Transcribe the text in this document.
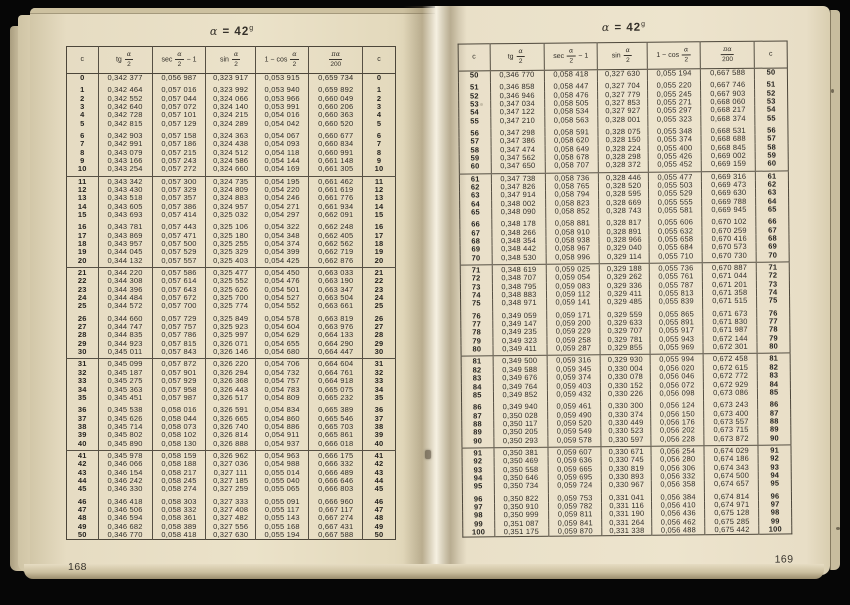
$\alpha = 42^g$
c	tg $\frac{\alpha}{2}$	$\sec \frac{\alpha}{2} - 1$	$\sin \frac{\alpha}{2}$	$1 - \cos \frac{\alpha}{2}$	$\frac{\pi\alpha}{200}$	c
0	0,342 377	0,056 987	0,323 917	0,053 915	0,659 734	0
1	0,342 464	0,057 016	0,323 992	0,053 940	0,659 892	1
2	0,342 552	0,057 044	0,324 066	0,053 966	0,660 049	2
3	0,342 640	0,057 072	0,324 140	0,053 991	0,660 206	3
4	0,342 728	0,057 101	0,324 215	0,054 016	0,660 363	4
5	0,342 815	0,057 129	0,324 289	0,054 042	0,660 520	5
6	0,342 903	0,057 158	0,324 363	0,054 067	0,660 677	6
7	0,342 991	0,057 186	0,324 438	0,054 093	0,660 834	7
8	0,343 079	0,057 215	0,324 512	0,054 118	0,660 991	8
9	0,343 166	0,057 243	0,324 586	0,054 144	0,661 148	9
10	0,343 254	0,057 272	0,324 660	0,054 169	0,661 305	10
11	0,343 342	0,057 300	0,324 735	0,054 195	0,661 462	11
12	0,343 430	0,057 329	0,324 809	0,054 220	0,661 619	12
13	0,343 518	0,057 357	0,324 883	0,054 246	0,661 776	13
14	0,343 605	0,057 386	0,324 957	0,054 271	0,661 934	14
15	0,343 693	0,057 414	0,325 032	0,054 297	0,662 091	15
16	0,343 781	0,057 443	0,325 106	0,054 322	0,662 248	16
17	0,343 869	0,057 471	0,325 180	0,054 348	0,662 405	17
18	0,343 957	0,057 500	0,325 255	0,054 374	0,662 562	18
19	0,344 045	0,057 529	0,325 329	0,054 399	0,662 719	19
20	0,344 132	0,057 557	0,325 403	0,054 425	0,662 876	20
21	0,344 220	0,057 586	0,325 477	0,054 450	0,663 033	21
22	0,344 308	0,057 614	0,325 552	0,054 476	0,663 190	22
23	0,344 396	0,057 643	0,325 626	0,054 501	0,663 347	23
24	0,344 484	0,057 672	0,325 700	0,054 527	0,663 504	24
25	0,344 572	0,057 700	0,325 774	0,054 552	0,663 661	25
26	0,344 660	0,057 729	0,325 849	0,054 578	0,663 819	26
27	0,344 747	0,057 757	0,325 923	0,054 604	0,663 976	27
28	0,344 835	0,057 786	0,325 997	0,054 629	0,664 133	28
29	0,344 923	0,057 815	0,326 071	0,054 655	0,664 290	29
30	0,345 011	0,057 843	0,326 146	0,054 680	0,664 447	30
31	0,345 099	0,057 872	0,326 220	0,054 706	0,664 604	31
32	0,345 187	0,057 901	0,326 294	0,054 732	0,664 761	32
33	0,345 275	0,057 929	0,326 368	0,054 757	0,664 918	33
34	0,345 363	0,057 958	0,326 443	0,054 783	0,665 075	34
35	0,345 451	0,057 987	0,326 517	0,054 809	0,665 232	35
36	0,345 538	0,058 016	0,326 591	0,054 834	0,665 389	36
37	0,345 626	0,058 044	0,326 665	0,054 860	0,665 546	37
38	0,345 714	0,058 073	0,326 740	0,054 886	0,665 703	38
39	0,345 802	0,058 102	0,326 814	0,054 911	0,665 861	39
40	0,345 890	0,058 130	0,326 888	0,054 937	0,666 018	40
41	0,345 978	0,058 159	0,326 962	0,054 963	0,666 175	41
42	0,346 066	0,058 188	0,327 036	0,054 988	0,666 332	42
43	0,346 154	0,058 217	0,327 111	0,055 014	0,666 489	43
44	0,346 242	0,058 245	0,327 185	0,055 040	0,666 646	44
45	0,346 330	0,058 274	0,327 259	0,055 065	0,666 803	45
46	0,346 418	0,058 303	0,327 333	0,055 091	0,666 960	46
47	0,346 506	0,058 332	0,327 408	0,055 117	0,667 117	47
48	0,346 594	0,058 361	0,327 482	0,055 143	0,667 274	48
49	0,346 682	0,058 389	0,327 556	0,055 168	0,667 431	49
50	0,346 770	0,058 418	0,327 630	0,055 194	0,667 588	50
168
$\alpha = 42^g$
c	tg $\frac{\alpha}{2}$	$\sec \frac{\alpha}{2} - 1$	$\sin \frac{\alpha}{2}$	$1 - \cos \frac{\alpha}{2}$	$\frac{\pi\alpha}{200}$	c
50	0,346 770	0,058 418	0,327 630	0,055 194	0,667 588	50
51	0,346 858	0,058 447	0,327 704	0,055 220	0,667 746	51
52	0,346 946	0,058 476	0,327 779	0,055 245	0,667 903	52
53	0,347 034	0,058 505	0,327 853	0,055 271	0,668 060	53
54	0,347 122	0,058 534	0,327 927	0,055 297	0,668 217	54
55	0,347 210	0,058 563	0,328 001	0,055 323	0,668 374	55
56	0,347 298	0,058 591	0,328 075	0,055 348	0,668 531	56
57	0,347 386	0,058 620	0,328 150	0,055 374	0,668 688	57
58	0,347 474	0,058 649	0,328 224	0,055 400	0,668 845	58
59	0,347 562	0,058 678	0,328 298	0,055 426	0,669 002	59
60	0,347 650	0,058 707	0,328 372	0,055 452	0,669 159	60
61	0,347 738	0,058 736	0,328 446	0,055 477	0,669 316	61
62	0,347 826	0,058 765	0,328 520	0,055 503	0,669 473	62
63	0,347 914	0,058 794	0,328 595	0,055 529	0,669 630	63
64	0,348 002	0,058 823	0,328 669	0,055 555	0,669 788	64
65	0,348 090	0,058 852	0,328 743	0,055 581	0,669 945	65
66	0,348 178	0,058 881	0,328 817	0,055 606	0,670 102	66
67	0,348 266	0,058 910	0,328 891	0,055 632	0,670 259	67
68	0,348 354	0,058 938	0,328 966	0,055 658	0,670 416	68
69	0,348 442	0,058 967	0,329 040	0,055 684	0,670 573	69
70	0,348 530	0,058 996	0,329 114	0,055 710	0,670 730	70
71	0,348 619	0,059 025	0,329 188	0,055 736	0,670 887	71
72	0,348 707	0,059 054	0,329 262	0,055 761	0,671 044	72
73	0,348 795	0,059 083	0,329 336	0,055 787	0,671 201	73
74	0,348 883	0,059 112	0,329 411	0,055 813	0,671 358	74
75	0,348 971	0,059 141	0,329 485	0,055 839	0,671 515	75
76	0,349 059	0,059 171	0,329 559	0,055 865	0,671 673	76
77	0,349 147	0,059 200	0,329 633	0,055 891	0,671 830	77
78	0,349 235	0,059 229	0,329 707	0,055 917	0,671 987	78
79	0,349 323	0,059 258	0,329 781	0,055 943	0,672 144	79
80	0,349 411	0,059 287	0,329 855	0,055 969	0,672 301	80
81	0,349 500	0,059 316	0,329 930	0,055 994	0,672 458	81
82	0,349 588	0,059 345	0,330 004	0,056 020	0,672 615	82
83	0,349 676	0,059 374	0,330 078	0,056 046	0,672 772	83
84	0,349 764	0,059 403	0,330 152	0,056 072	0,672 929	84
85	0,349 852	0,059 432	0,330 226	0,056 098	0,673 086	85
86	0,349 940	0,059 461	0,330 300	0,056 124	0,673 243	86
87	0,350 028	0,059 490	0,330 374	0,056 150	0,673 400	87
88	0,350 117	0,059 520	0,330 449	0,056 176	0,673 557	88
89	0,350 205	0,059 549	0,330 523	0,056 202	0,673 715	89
90	0,350 293	0,059 578	0,330 597	0,056 228	0,673 872	90
91	0,350 381	0,059 607	0,330 671	0,056 254	0,674 029	91
92	0,350 469	0,059 636	0,330 745	0,056 280	0,674 186	92
93	0,350 558	0,059 665	0,330 819	0,056 306	0,674 343	93
94	0,350 646	0,059 695	0,330 893	0,056 332	0,674 500	94
95	0,350 734	0,059 724	0,330 967	0,056 358	0,674 657	95
96	0,350 822	0,059 753	0,331 041	0,056 384	0,674 814	96
97	0,350 910	0,059 782	0,331 116	0,056 410	0,674 971	97
98	0,350 999	0,059 811	0,331 190	0,056 436	0,675 128	98
99	0,351 087	0,059 841	0,331 264	0,056 462	0,675 285	99
100	0,351 175	0,059 870	0,331 338	0,056 488	0,675 442	100
169
